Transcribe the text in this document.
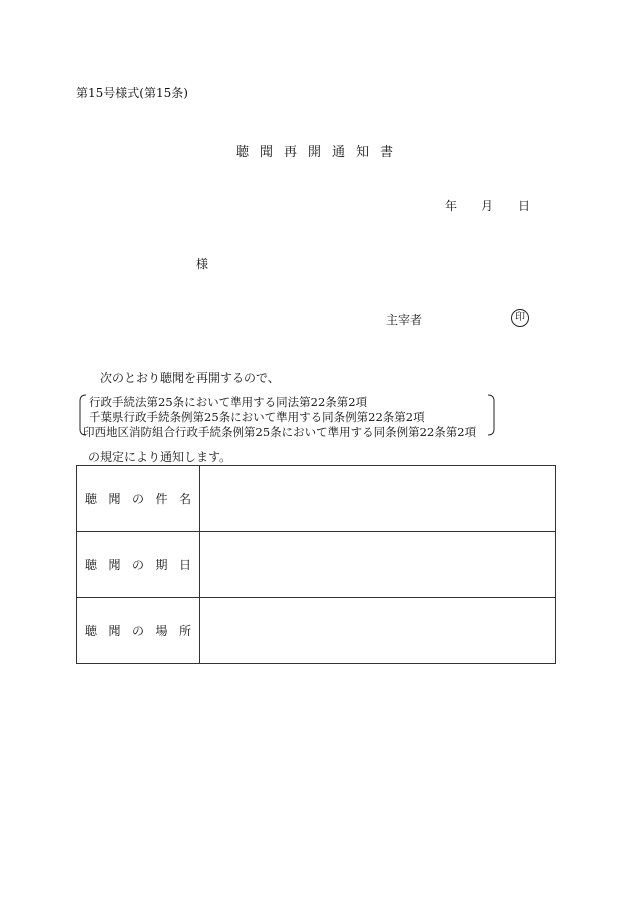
第15号様式(第15条)
聴聞再開通知書
年	月	日
様
主宰者	印
次のとおり聴聞を再開するので、
行政手続法第25条において準用する同法第22条第2項
千葉県行政手続条例第25条において準用する同条例第22条第2項
印西地区消防組合行政手続条例第25条において準用する同条例第22条第2項
の規定により通知します。
聴 聞 の 件 名	

聴 聞 の 期 日	

聴 聞 の 場 所	
